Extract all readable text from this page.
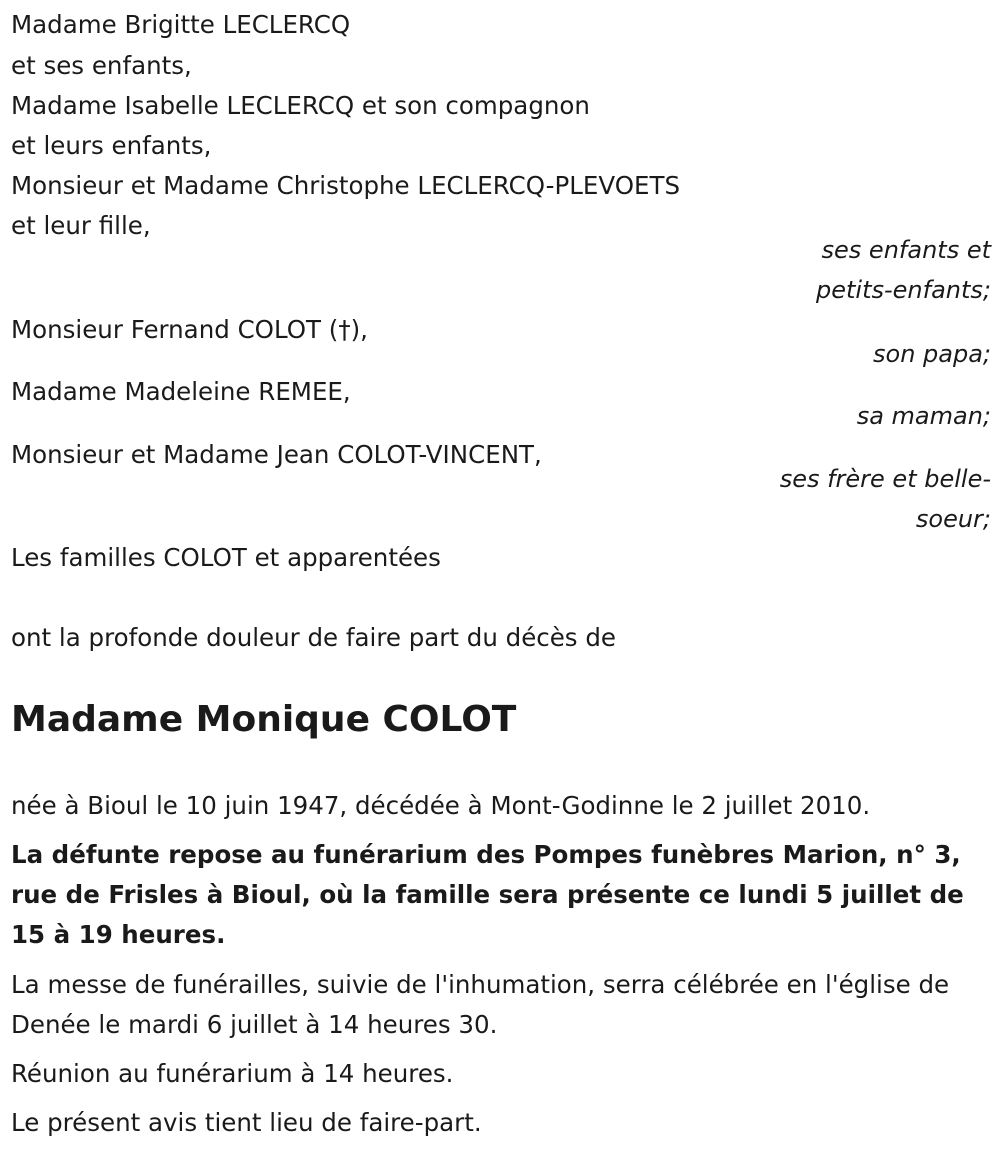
Madame Brigitte LECLERCQ
et ses enfants,
Madame Isabelle LECLERCQ et son compagnon
et leurs enfants,
Monsieur et Madame Christophe LECLERCQ-PLEVOETS
et leur fille,
ses enfants et
petits-enfants;
Monsieur Fernand COLOT (†),
son papa;
Madame Madeleine REMEE,
sa maman;
Monsieur et Madame Jean COLOT-VINCENT,
ses frère et belle-
soeur;
Les familles COLOT et apparentées
ont la profonde douleur de faire part du décès de
Madame Monique COLOT
née à Bioul le 10 juin 1947, décédée à Mont-Godinne le 2 juillet 2010.
La défunte repose au funérarium des Pompes funèbres Marion, n° 3, rue de Frisles à Bioul, où la famille sera présente ce lundi 5 juillet de 15 à 19 heures.
La messe de funérailles, suivie de l'inhumation, serra célébrée en l'église de Denée le mardi 6 juillet à 14 heures 30.
Réunion au funérarium à 14 heures.
Le présent avis tient lieu de faire-part.
